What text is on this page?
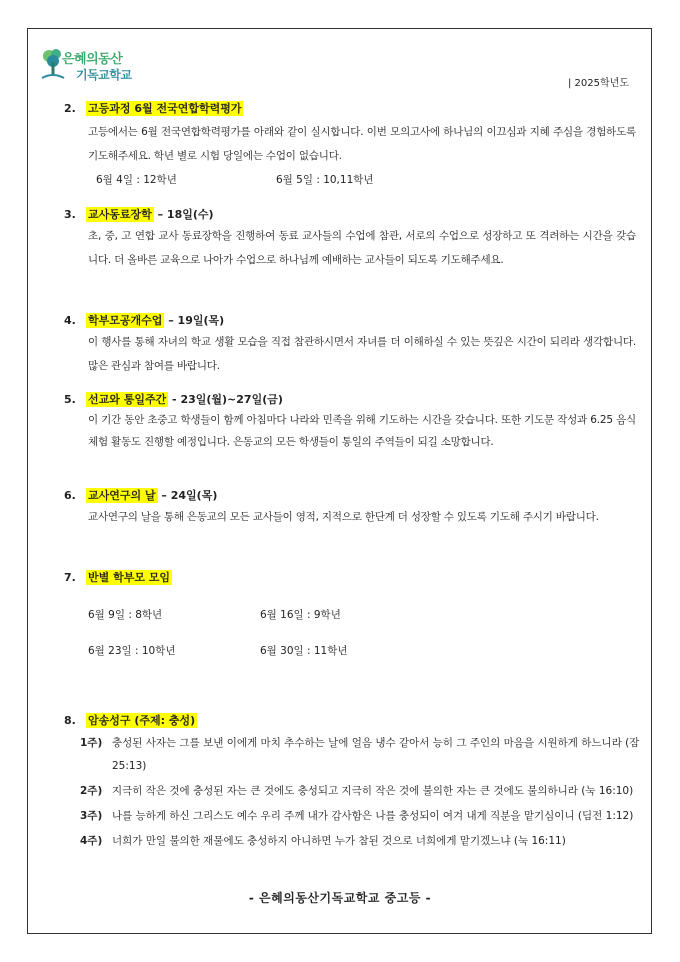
은혜의동산
기독교학교
| 2025학년도
2. 고등과정 6월 전국연합학력평가
고등에서는 6월 전국연합학력평가를 아래와 같이 실시합니다. 이번 모의고사에 하나님의 이끄심과 지혜 주심을 경험하도록 기도해주세요. 학년 별로 시험 당일에는 수업이 없습니다.
6월 4일 : 12학년	6월 5일 : 10,11학년
3. 교사동료장학 – 18일(수)
초, 중, 고 연합 교사 동료장학을 진행하여 동료 교사들의 수업에 참관, 서로의 수업으로 성장하고 또 격려하는 시간을 갖습니다. 더 올바른 교육으로 나아가 수업으로 하나님께 예배하는 교사들이 되도록 기도해주세요.
4. 학부모공개수업 – 19일(목)
이 행사를 통해 자녀의 학교 생활 모습을 직접 참관하시면서 자녀를 더 이해하실 수 있는 뜻깊은 시간이 되리라 생각합니다. 많은 관심과 참여를 바랍니다.
5. 선교와 통일주간 - 23일(월)~27일(금)
이 기간 동안 초중고 학생들이 함께 아침마다 나라와 민족을 위해 기도하는 시간을 갖습니다. 또한 기도문 작성과 6.25 음식 체험 활동도 진행할 예정입니다. 은동교의 모든 학생들이 통일의 주역들이 되길 소망합니다.
6. 교사연구의 날 – 24일(목)
교사연구의 날을 통해 은동교의 모든 교사들이 영적, 지적으로 한단계 더 성장할 수 있도록 기도해 주시기 바랍니다.
7. 반별 학부모 모임
6월 9일 : 8학년	6월 16일 : 9학년
6월 23일 : 10학년	6월 30일 : 11학년
8. 암송성구 (주제: 충성)
1주) 충성된 사자는 그를 보낸 이에게 마치 추수하는 날에 얼음 냉수 같아서 능히 그 주인의 마음을 시원하게 하느니라 (잠 25:13)
2주) 지극히 작은 것에 충성된 자는 큰 것에도 충성되고 지극히 작은 것에 불의한 자는 큰 것에도 불의하니라 (눅 16:10)
3주) 나를 능하게 하신 그리스도 예수 우리 주께 내가 감사함은 나를 충성되이 여겨 내게 직분을 맡기심이니 (딤전 1:12)
4주) 너희가 만일 불의한 재물에도 충성하지 아니하면 누가 참된 것으로 너희에게 맡기겠느냐 (눅 16:11)
- 은혜의동산기독교학교 중고등 -
